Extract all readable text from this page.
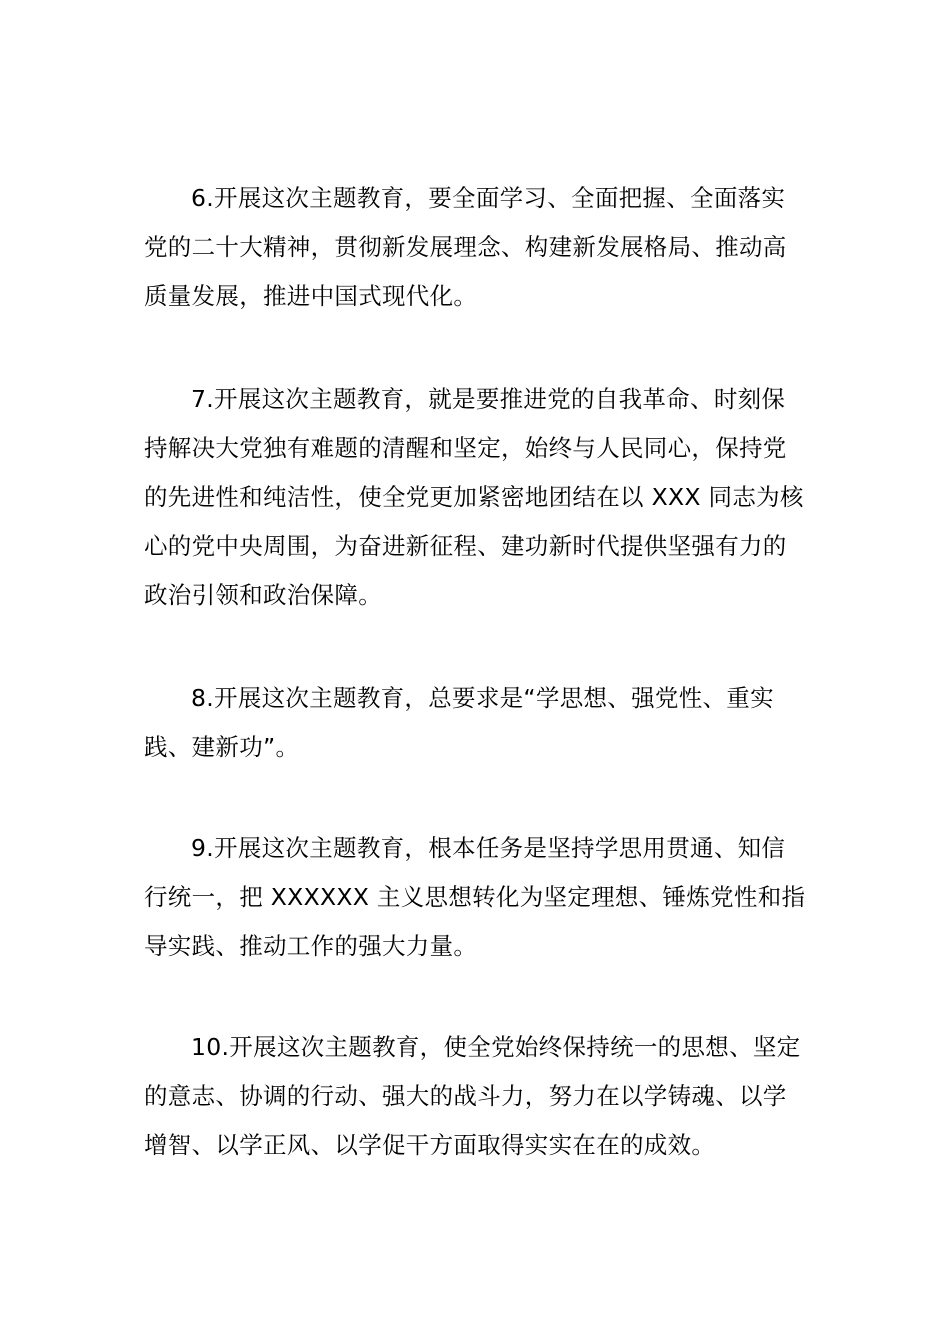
6.开展这次主题教育，要全面学习、全面把握、全面落实
党的二十大精神，贯彻新发展理念、构建新发展格局、推动高
质量发展，推进中国式现代化。
7.开展这次主题教育，就是要推进党的自我革命、时刻保
持解决大党独有难题的清醒和坚定，始终与人民同心，保持党
的先进性和纯洁性，使全党更加紧密地团结在以 XXX 同志为核
心的党中央周围，为奋进新征程、建功新时代提供坚强有力的
政治引领和政治保障。
8.开展这次主题教育，总要求是“学思想、强党性、重实
践、建新功”。
9.开展这次主题教育，根本任务是坚持学思用贯通、知信
行统一，把 XXXXXX 主义思想转化为坚定理想、锤炼党性和指
导实践、推动工作的强大力量。
10.开展这次主题教育，使全党始终保持统一的思想、坚定
的意志、协调的行动、强大的战斗力，努力在以学铸魂、以学
增智、以学正风、以学促干方面取得实实在在的成效。
